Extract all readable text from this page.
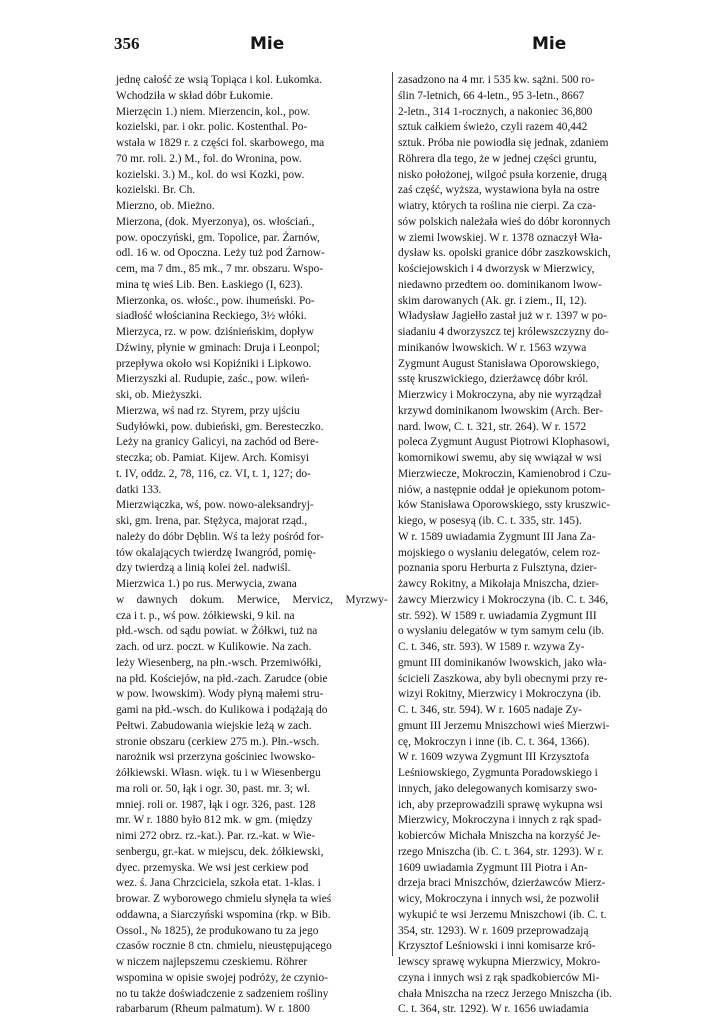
356	Mie	Mie
jednę całość ze wsią Topiąca i kol. Łukomka.
Wchodziła w skład dóbr Łukomie.
Mierzęcin 1.) niem. Mierzencin, kol., pow.
kozielski, par. i okr. polic. Kostenthal. Po-
wstała w 1829 r. z części fol. skarbowego, ma
70 mr. roli. 2.) M., fol. do Wronina, pow.
kozielski. 3.) M., kol. do wsi Kozki, pow.
kozielski. Br. Ch.
Mierzno, ob. Mieżno.
Mierzona, (dok. Myerzonya), os. włościań.,
pow. opoczyński, gm. Topolice, par. Żarnów,
odl. 16 w. od Opoczna. Leży tuż pod Żarnow-
cem, ma 7 dm., 85 mk., 7 mr. obszaru. Wspo-
mina tę wieś Lib. Ben. Łaskiego (I, 623).
Mierzonka, os. włośc., pow. ihumeński. Po-
siadłość włościanina Reckiego, 3½ włóki.
Mierzyca, rz. w pow. dziśnieńskim, dopływ
Dźwiny, płynie w gminach: Druja i Leonpol;
przepływa około wsi Kopiźniki i Lipkowo.
Mierzyszki al. Rudupie, zaśc., pow. wileń-
ski, ob. Mieżyszki.
Mierzwa, wś nad rz. Styrem, przy ujściu
Sudyłówki, pow. dubieński, gm. Beresteczko.
Leży na granicy Galicyi, na zachód od Bere-
steczka; ob. Pamiat. Kijew. Arch. Komisyi
t. IV, oddz. 2, 78, 116, cz. VI, t. 1, 127; do-
datki 133.
Mierzwiączka, wś, pow. nowo-aleksandryj-
ski, gm. Irena, par. Stężyca, majorat rząd.,
należy do dóbr Dęblin. Wś ta leży pośród for-
tów okalających twierdzę Iwangród, pomię-
dzy twierdzą a linią kolei żel. nadwiśl.
Mierzwica 1.) po rus. Merwycia, zwana
w dawnych dokum. Merwice, Mervicz, Myrzwy-
cza i t. p., wś pow. żółkiewski, 9 kil. na
płd.-wsch. od sądu powiat. w Żółkwi, tuż na
zach. od urz. poczt. w Kulikowie. Na zach.
leży Wiesenberg, na płn.-wsch. Przemiwółki,
na płd. Kościejów, na płd.-zach. Zarudce (obie
w pow. lwowskim). Wody płyną małemi stru-
gami na płd.-wsch. do Kulikowa i podążają do
Pełtwi. Zabudowania wiejskie leżą w zach.
stronie obszaru (cerkiew 275 m.). Płn.-wsch.
narożnik wsi przerzyna gościniec lwowsko-
żółkiewski. Własn. więk. tu i w Wiesenbergu
ma roli or. 50, łąk i ogr. 30, past. mr. 3; wł.
mniej. roli or. 1987, łąk i ogr. 326, past. 128
mr. W r. 1880 było 812 mk. w gm. (między
nimi 272 obrz. rz.-kat.). Par. rz.-kat. w Wie-
senbergu, gr.-kat. w miejscu, dek. żółkiewski,
dyec. przemyska. We wsi jest cerkiew pod
wez. ś. Jana Chrzciciela, szkoła etat. 1-klas. i
browar. Z wyborowego chmielu słynęła ta wieś
oddawna, a Siarczyński wspomina (rkp. w Bib.
Ossol., № 1825), że produkowano tu za jego
czasów rocznie 8 ctn. chmielu, nieustępującego
w niczem najlepszemu czeskiemu. Röhrer
wspomina w opisie swojej podróży, że czynio-
no tu także doświadczenie z sadzeniem rośliny
rabarbarum (Rheum palmatum). W r. 1800
zasadzono na 4 mr. i 535 kw. sążni. 500 ro-
ślin 7-letnich, 66 4-letn., 95 3-letn., 8667
2-letn., 314 1-rocznych, a nakoniec 36,800
sztuk całkiem świeżo, czyli razem 40,442
sztuk. Próba nie powiodła się jednak, zdaniem
Röhrera dla tego, że w jednej części gruntu,
nisko położonej, wilgoć psuła korzenie, drugą
zaś część, wyższa, wystawiona była na ostre
wiatry, których ta roślina nie cierpi. Za cza-
sów polskich należała wieś do dóbr koronnych
w ziemi lwowskiej. W r. 1378 oznaczył Wła-
dysław ks. opolski granice dóbr zaszkowskich,
kościejowskich i 4 dworzysk w Mierzwicy,
niedawno przedtem oo. dominikanom lwow-
skim darowanych (Ak. gr. i ziem., II, 12).
Władysław Jagiełło zastał już w r. 1397 w po-
siadaniu 4 dworzyszcz tej królewszczyzny do-
minikanów lwowskich. W r. 1563 wzywa
Zygmunt August Stanisława Oporowskiego,
sstę kruszwickiego, dzierżawcę dóbr król.
Mierzwicy i Mokroczyna, aby nie wyrządzał
krzywd dominikanom lwowskim (Arch. Ber-
nard. lwow, C. t. 321, str. 264). W r. 1572
poleca Zygmunt August Piotrowi Klophasowi,
komornikowi swemu, aby się wwiązał w wsi
Mierzwiecze, Mokroczin, Kamienobrod i Czu-
niów, a następnie oddał je opiekunom potom-
ków Stanisława Oporowskiego, ssty kruszwic-
kiego, w posesyą (ib. C. t. 335, str. 145).
W r. 1589 uwiadamia Zygmunt III Jana Za-
mojskiego o wysłaniu delegatów, celem roz-
poznania sporu Herburta z Fulsztyna, dzier-
żawcy Rokitny, a Mikołaja Mniszcha, dzier-
żawcy Mierzwicy i Mokroczyna (ib. C. t. 346,
str. 592). W 1589 r. uwiadamia Zygmunt III
o wysłaniu delegatów w tym samym celu (ib.
C. t. 346, str. 593). W 1589 r. wzywa Zy-
gmunt III dominikanów lwowskich, jako wła-
ścicieli Zaszkowa, aby byli obecnymi przy re-
wizyi Rokitny, Mierzwicy i Mokroczyna (ib.
C. t. 346, str. 594). W r. 1605 nadaje Zy-
gmunt III Jerzemu Mniszchowi wieś Mierzwi-
cę, Mokroczyn i inne (ib. C. t. 364, 1366).
W r. 1609 wzywa Zygmunt III Krzysztofa
Leśniowskiego, Zygmunta Poradowskiego i
innych, jako delegowanych komisarzy swo-
ich, aby przeprowadzili sprawę wykupna wsi
Mierzwicy, Mokroczyna i innych z rąk spad-
kobierców Michała Mniszcha na korzyść Je-
rzego Mniszcha (ib. C. t. 364, str. 1293). W r.
1609 uwiadamia Zygmunt III Piotra i An-
drzeja braci Mniszchów, dzierżawców Mierz-
wicy, Mokroczyna i innych wsi, że pozwolił
wykupić te wsi Jerzemu Mniszchowi (ib. C. t.
354, str. 1293). W r. 1609 przeprowadzają
Krzysztof Leśniowski i inni komisarze kró-
lewscy sprawę wykupna Mierzwicy, Mokro-
czyna i innych wsi z rąk spadkobierców Mi-
chała Mniszcha na rzecz Jerzego Mniszcha (ib.
C. t. 364, str. 1292). W r. 1656 uwiadamia
